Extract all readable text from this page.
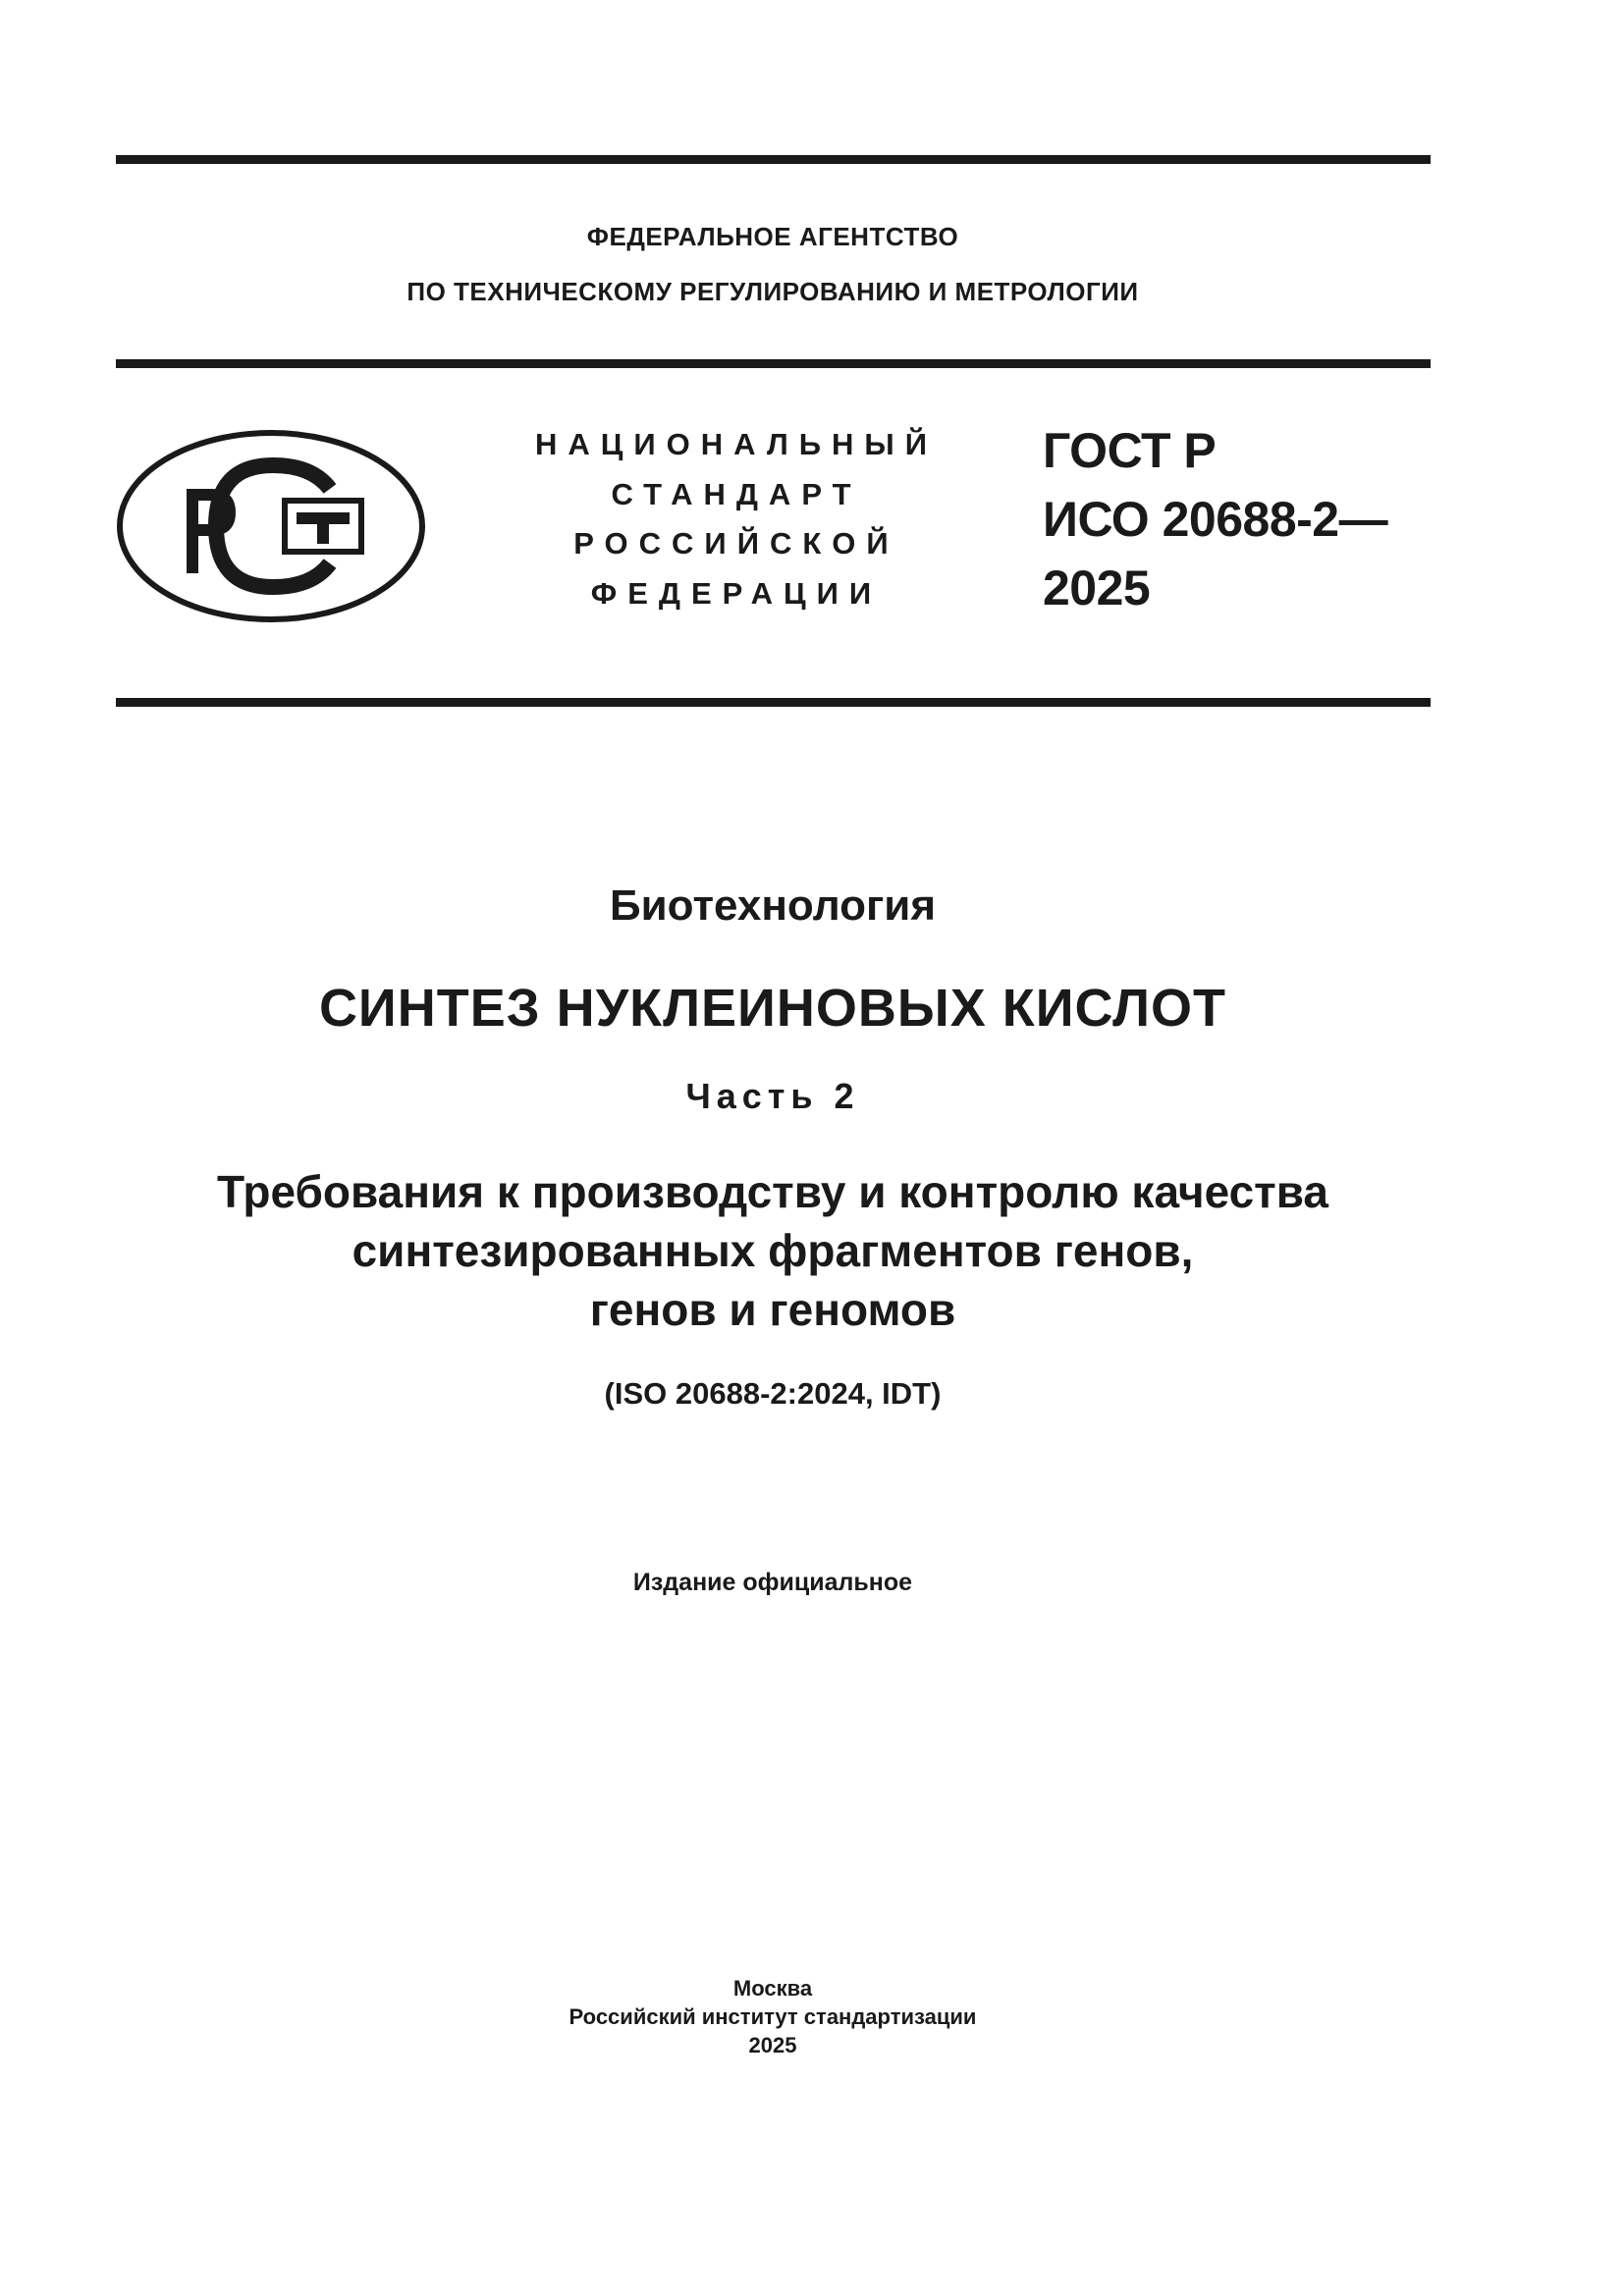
ФЕДЕРАЛЬНОЕ АГЕНТСТВО
ПО ТЕХНИЧЕСКОМУ РЕГУЛИРОВАНИЮ И МЕТРОЛОГИИ
НАЦИОНАЛЬНЫЙ
СТАНДАРТ
РОССИЙСКОЙ
ФЕДЕРАЦИИ
ГОСТ Р
ИСО 20688-2—
2025
Биотехнология
СИНТЕЗ НУКЛЕИНОВЫХ КИСЛОТ
Часть 2
Требования к производству и контролю качества
синтезированных фрагментов генов,
генов и геномов
(ISO 20688-2:2024, IDT)
Издание официальное
Москва
Российский институт стандартизации
2025
